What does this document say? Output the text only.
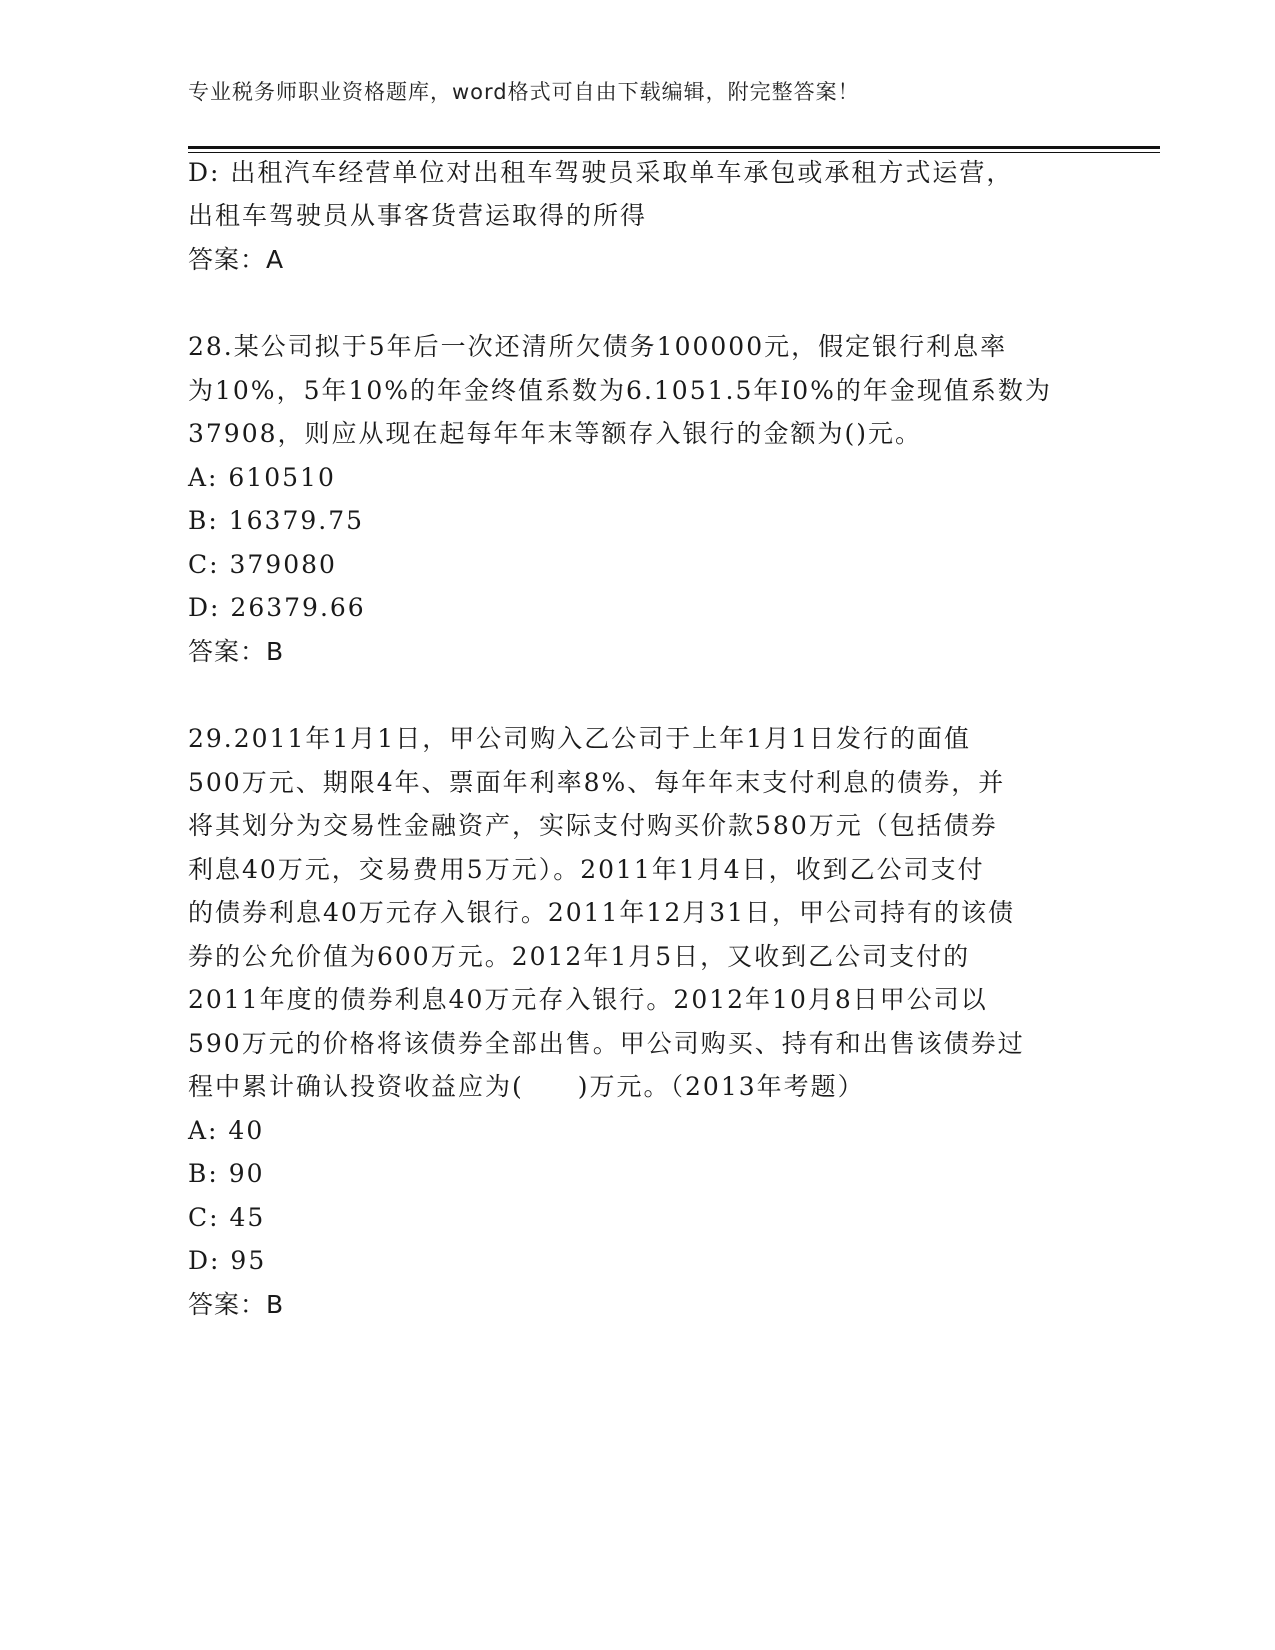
专业税务师职业资格题库，word格式可自由下载编辑，附完整答案！
D: 出租汽车经营单位对出租车驾驶员采取单车承包或承租方式运营，
出租车驾驶员从事客货营运取得的所得
答案：A
28.某公司拟于5年后一次还清所欠债务100000元，假定银行利息率
为10%，5年10%的年金终值系数为6.1051.5年I0%的年金现值系数为
37908，则应从现在起每年年末等额存入银行的金额为()元。
A: 610510
B: 16379.75
C: 379080
D: 26379.66
答案：B
29.2011年1月1日，甲公司购入乙公司于上年1月1日发行的面值
500万元、期限4年、票面年利率8%、每年年末支付利息的债券，并
将其划分为交易性金融资产，实际支付购买价款580万元（包括债券
利息40万元，交易费用5万元）。2011年1月4日，收到乙公司支付
的债券利息40万元存入银行。2011年12月31日，甲公司持有的该债
券的公允价值为600万元。2012年1月5日，又收到乙公司支付的
2011年度的债券利息40万元存入银行。2012年10月8日甲公司以
590万元的价格将该债券全部出售。甲公司购买、持有和出售该债券过
程中累计确认投资收益应为(　　)万元。（2013年考题）
A: 40
B: 90
C: 45
D: 95
答案：B
